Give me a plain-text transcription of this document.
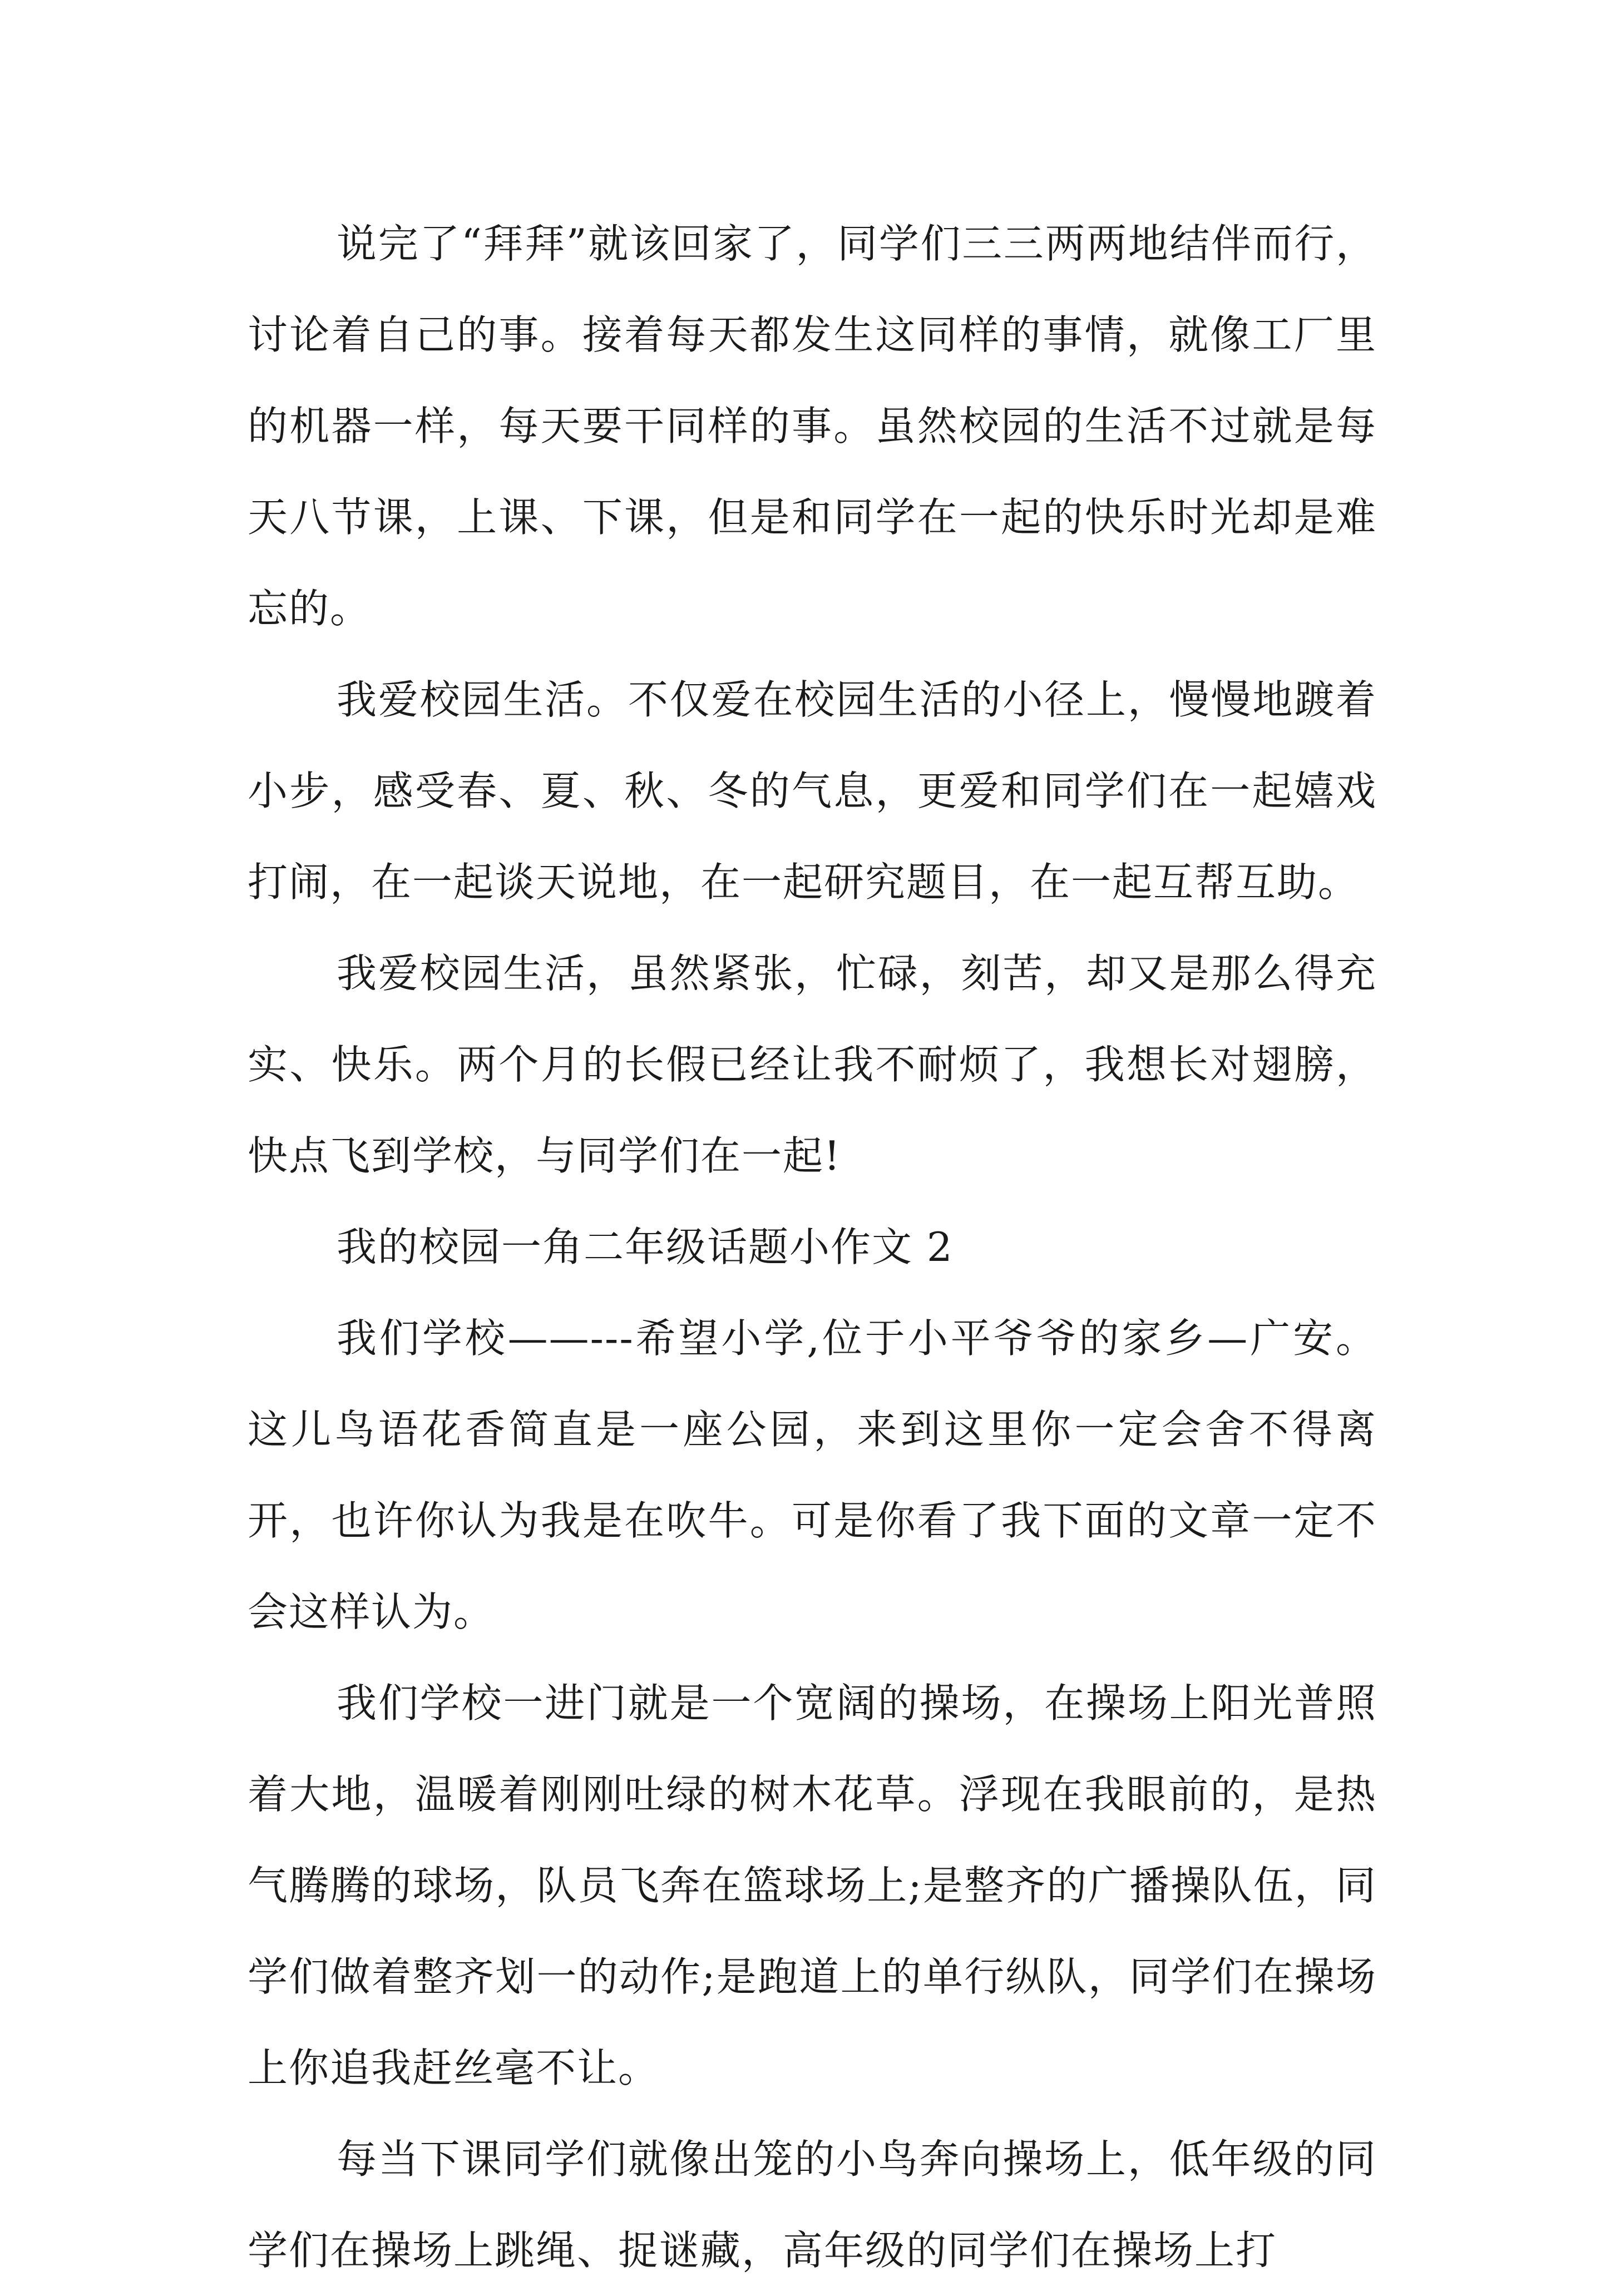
说完了“拜拜”就该回家了，同学们三三两两地结伴而行，讨论着自己的事。接着每天都发生这同样的事情，就像工厂里的机器一样，每天要干同样的事。虽然校园的生活不过就是每天八节课，上课、下课，但是和同学在一起的快乐时光却是难忘的。

我爱校园生活。不仅爱在校园生活的小径上，慢慢地踱着小步，感受春、夏、秋、冬的气息，更爱和同学们在一起嬉戏打闹，在一起谈天说地，在一起研究题目，在一起互帮互助。

我爱校园生活，虽然紧张，忙碌，刻苦，却又是那么得充实、快乐。两个月的长假已经让我不耐烦了，我想长对翅膀，快点飞到学校，与同学们在一起!

我的校园一角二年级话题小作文 2

我们学校——---希望小学,位于小平爷爷的家乡—广安。这儿鸟语花香简直是一座公园，来到这里你一定会舍不得离开，也许你认为我是在吹牛。可是你看了我下面的文章一定不会这样认为。

我们学校一进门就是一个宽阔的操场，在操场上阳光普照着大地，温暖着刚刚吐绿的树木花草。浮现在我眼前的，是热气腾腾的球场，队员飞奔在篮球场上;是整齐的广播操队伍，同学们做着整齐划一的动作;是跑道上的单行纵队，同学们在操场上你追我赶丝毫不让。

每当下课同学们就像出笼的小鸟奔向操场上，低年级的同学们在操场上跳绳、捉谜藏，高年级的同学们在操场上打
